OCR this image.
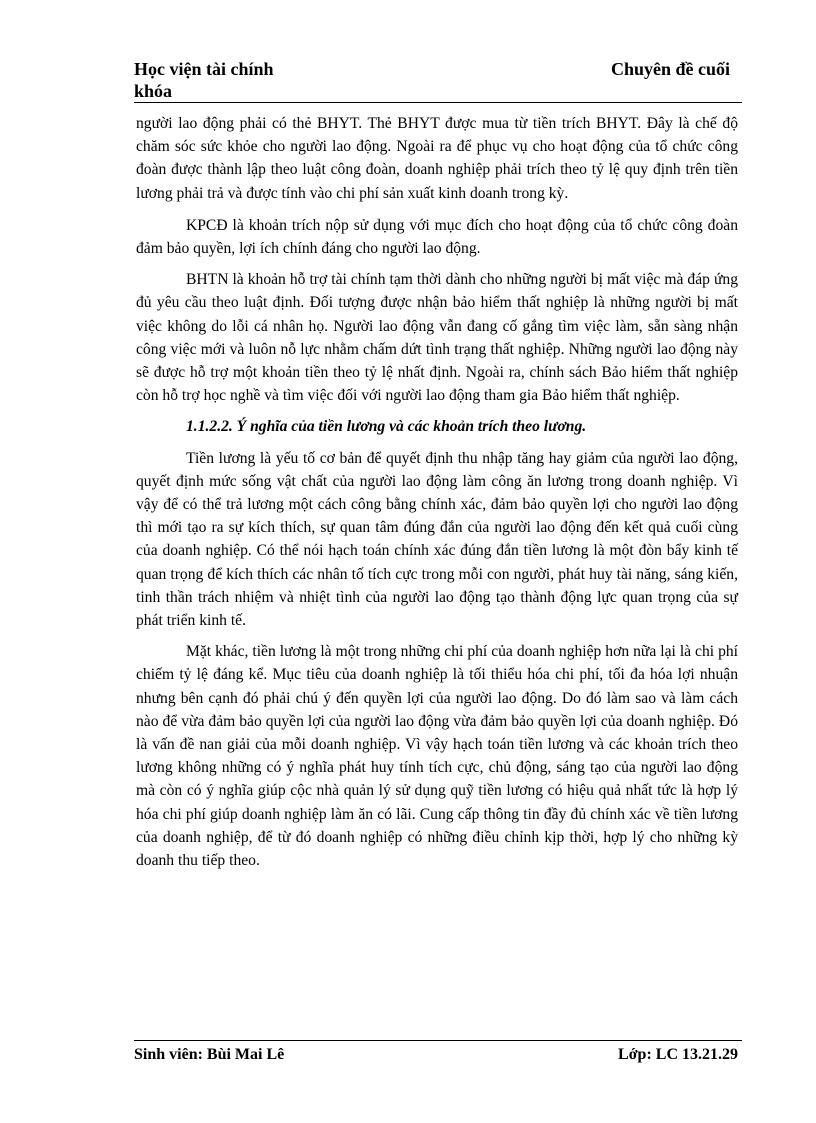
Học viện tài chính
khóa
Chuyên đề cuối

người lao động phải có thẻ BHYT. Thẻ BHYT được mua từ tiền trích BHYT. Đây là chế độ chăm sóc sức khỏe cho người lao động. Ngoài ra để phục vụ cho hoạt động của tổ chức công đoàn được thành lập theo luật công đoàn, doanh nghiệp phải trích theo tỷ lệ quy định trên tiền lương phải trả và được tính vào chi phí sản xuất kinh doanh trong kỳ.

KPCĐ là khoản trích nộp sử dụng với mục đích cho hoạt động của tổ chức công đoàn đảm bảo quyền, lợi ích chính đáng cho người lao động.

BHTN là khoản hỗ trợ tài chính tạm thời dành cho những người bị mất việc mà đáp ứng đủ yêu cầu theo luật định. Đối tượng được nhận bảo hiểm thất nghiệp là những người bị mất việc không do lỗi cá nhân họ. Người lao động vẫn đang cố gắng tìm việc làm, sẵn sàng nhận công việc mới và luôn nỗ lực nhằm chấm dứt tình trạng thất nghiệp. Những người lao động này sẽ được hỗ trợ một khoản tiền theo tỷ lệ nhất định. Ngoài ra, chính sách Bảo hiểm thất nghiệp còn hỗ trợ học nghề và tìm việc đối với người lao động tham gia Bảo hiểm thất nghiệp.

1.1.2.2. Ý nghĩa của tiền lương và các khoản trích theo lương.

Tiền lương là yếu tố cơ bản để quyết định thu nhập tăng hay giảm của người lao động, quyết định mức sống vật chất của người lao động làm công ăn lương trong doanh nghiệp. Vì vậy để có thể trả lương một cách công bằng chính xác, đảm bảo quyền lợi cho người lao động thì mới tạo ra sự kích thích, sự quan tâm đúng đắn của người lao động đến kết quả cuối cùng của doanh nghiệp. Có thể nói hạch toán chính xác đúng đắn tiền lương là một đòn bẩy kinh tế quan trọng để kích thích các nhân tố tích cực trong mỗi con người, phát huy tài năng, sáng kiến, tinh thần trách nhiệm và nhiệt tình của người lao động tạo thành động lực quan trọng của sự phát triển kinh tế.

Mặt khác, tiền lương là một trong những chi phí của doanh nghiệp hơn nữa lại là chi phí chiếm tỷ lệ đáng kể. Mục tiêu của doanh nghiệp là tối thiểu hóa chi phí, tối đa hóa lợi nhuận nhưng bên cạnh đó phải chú ý đến quyền lợi của người lao động. Do đó làm sao và làm cách nào để vừa đảm bảo quyền lợi của người lao động vừa đảm bảo quyền lợi của doanh nghiệp. Đó là vấn đề nan giải của mỗi doanh nghiệp. Vì vậy hạch toán tiền lương và các khoản trích theo lương không những có ý nghĩa phát huy tính tích cực, chủ động, sáng tạo của người lao động mà còn có ý nghĩa giúp cộc nhà quản lý sử dụng quỹ tiền lương có hiệu quả nhất tức là hợp lý hóa chi phí giúp doanh nghiệp làm ăn có lãi. Cung cấp thông tin đầy đủ chính xác về tiền lương của doanh nghiệp, để từ đó doanh nghiệp có những điều chỉnh kịp thời, hợp lý cho những kỳ doanh thu tiếp theo.

Sinh viên: Bùi Mai Lê	Lớp: LC 13.21.29
